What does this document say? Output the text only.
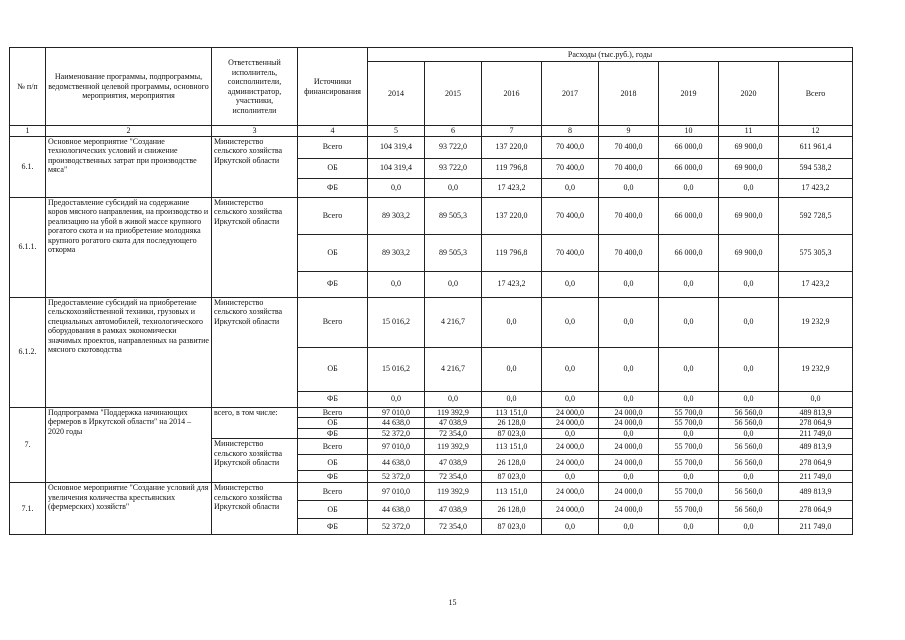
№ п/п	Наименование программы, подпрограммы, ведомственной целевой программы, основного мероприятия, мероприятия	Ответственный исполнитель, соисполнители, администратор, участники, исполнители	Источники финансирования	Расходы (тыс.руб.), годы							
				2014	2015	2016	2017	2018	2019	2020	Всего
1	2	3	4	5	6	7	8	9	10	11	12
6.1.	Основное мероприятие "Создание технологических условий и снижение производственных затрат при производстве мяса"	Министерство сельского хозяйства Иркутской области	Всего	104 319,4	93 722,0	137 220,0	70 400,0	70 400,0	66 000,0	69 900,0	611 961,4
			ОБ	104 319,4	93 722,0	119 796,8	70 400,0	70 400,0	66 000,0	69 900,0	594 538,2
			ФБ	0,0	0,0	17 423,2	0,0	0,0	0,0	0,0	17 423,2
6.1.1.	Предоставление субсидий на содержание коров мясного направления, на производство и реализацию на убой в живой массе крупного рогатого скота и на приобретение молодняка крупного рогатого скота для последующего откорма	Министерство сельского хозяйства Иркутской области	Всего	89 303,2	89 505,3	137 220,0	70 400,0	70 400,0	66 000,0	69 900,0	592 728,5
			ОБ	89 303,2	89 505,3	119 796,8	70 400,0	70 400,0	66 000,0	69 900,0	575 305,3
			ФБ	0,0	0,0	17 423,2	0,0	0,0	0,0	0,0	17 423,2
6.1.2.	Предоставление субсидий на приобретение сельскохозяйственной техники, грузовых и специальных автомобилей, технологического оборудования в рамках экономически значимых проектов, направленных на развитие мясного скотоводства	Министерство сельского хозяйства Иркутской области	Всего	15 016,2	4 216,7	0,0	0,0	0,0	0,0	0,0	19 232,9
			ОБ	15 016,2	4 216,7	0,0	0,0	0,0	0,0	0,0	19 232,9
			ФБ	0,0	0,0	0,0	0,0	0,0	0,0	0,0	0,0
7.	Подпрограмма "Поддержка начинающих фермеров в Иркутской области" на 2014 – 2020 годы	всего, в том числе:	Всего	97 010,0	119 392,9	113 151,0	24 000,0	24 000,0	55 700,0	56 560,0	489 813,9
			ОБ	44 638,0	47 038,9	26 128,0	24 000,0	24 000,0	55 700,0	56 560,0	278 064,9
			ФБ	52 372,0	72 354,0	87 023,0	0,0	0,0	0,0	0,0	211 749,0
		Министерство сельского хозяйства Иркутской области	Всего	97 010,0	119 392,9	113 151,0	24 000,0	24 000,0	55 700,0	56 560,0	489 813,9
			ОБ	44 638,0	47 038,9	26 128,0	24 000,0	24 000,0	55 700,0	56 560,0	278 064,9
			ФБ	52 372,0	72 354,0	87 023,0	0,0	0,0	0,0	0,0	211 749,0
7.1.	Основное мероприятие "Создание условий для увеличения количества крестьянских (фермерских) хозяйств"	Министерство сельского хозяйства Иркутской области	Всего	97 010,0	119 392,9	113 151,0	24 000,0	24 000,0	55 700,0	56 560,0	489 813,9
			ОБ	44 638,0	47 038,9	26 128,0	24 000,0	24 000,0	55 700,0	56 560,0	278 064,9
			ФБ	52 372,0	72 354,0	87 023,0	0,0	0,0	0,0	0,0	211 749,0
15
